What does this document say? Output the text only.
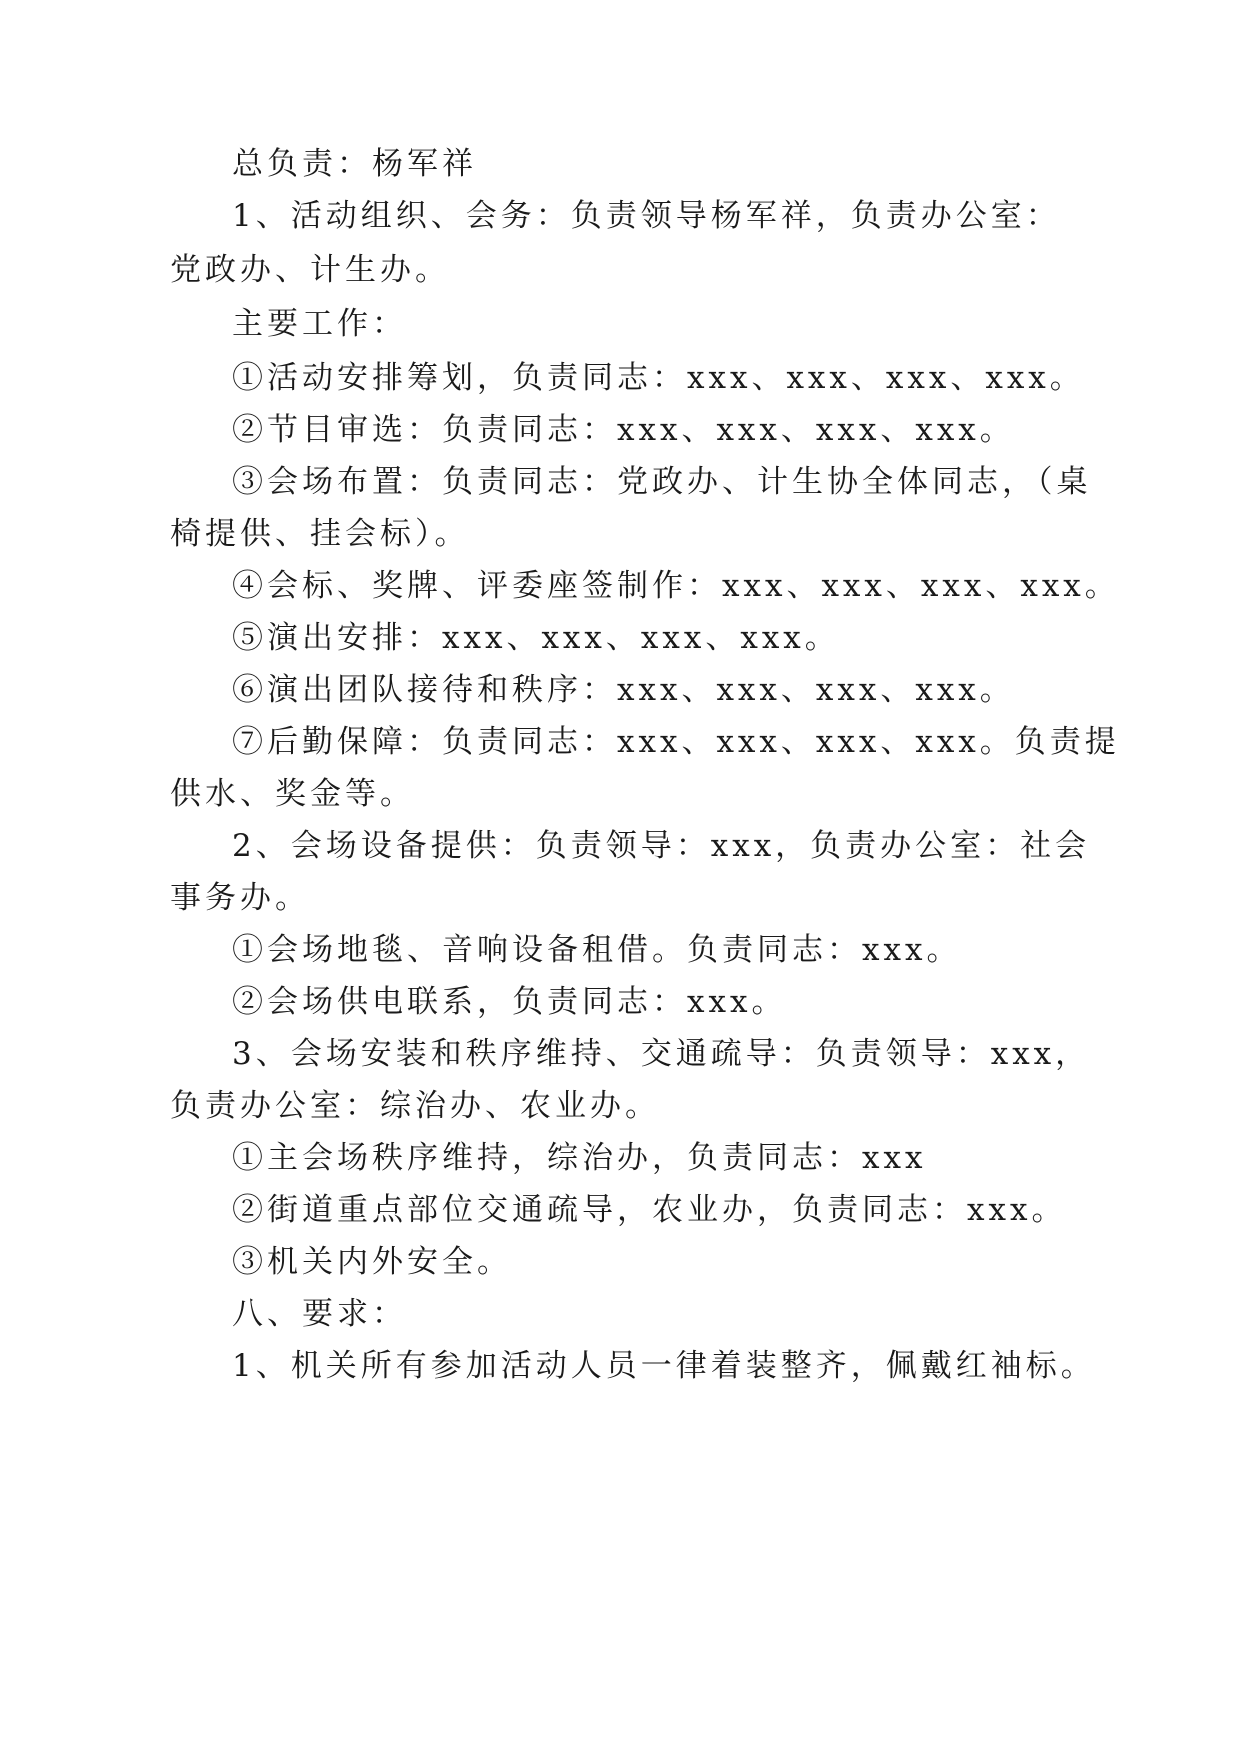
总负责：杨军祥
1、活动组织、会务：负责领导杨军祥，负责办公室：
党政办、计生办。
主要工作：
①活动安排筹划，负责同志：xxx、xxx、xxx、xxx。
②节目审选：负责同志：xxx、xxx、xxx、xxx。
③会场布置：负责同志：党政办、计生协全体同志，（桌
椅提供、挂会标）。
④会标、奖牌、评委座签制作：xxx、xxx、xxx、xxx。
⑤演出安排：xxx、xxx、xxx、xxx。
⑥演出团队接待和秩序：xxx、xxx、xxx、xxx。
⑦后勤保障：负责同志：xxx、xxx、xxx、xxx。负责提
供水、奖金等。
2、会场设备提供：负责领导：xxx，负责办公室：社会
事务办。
①会场地毯、音响设备租借。负责同志：xxx。
②会场供电联系，负责同志：xxx。
3、会场安装和秩序维持、交通疏导：负责领导：xxx，
负责办公室：综治办、农业办。
①主会场秩序维持，综治办，负责同志：xxx
②街道重点部位交通疏导，农业办，负责同志：xxx。
③机关内外安全。
八、要求：
1、机关所有参加活动人员一律着装整齐，佩戴红袖标。
